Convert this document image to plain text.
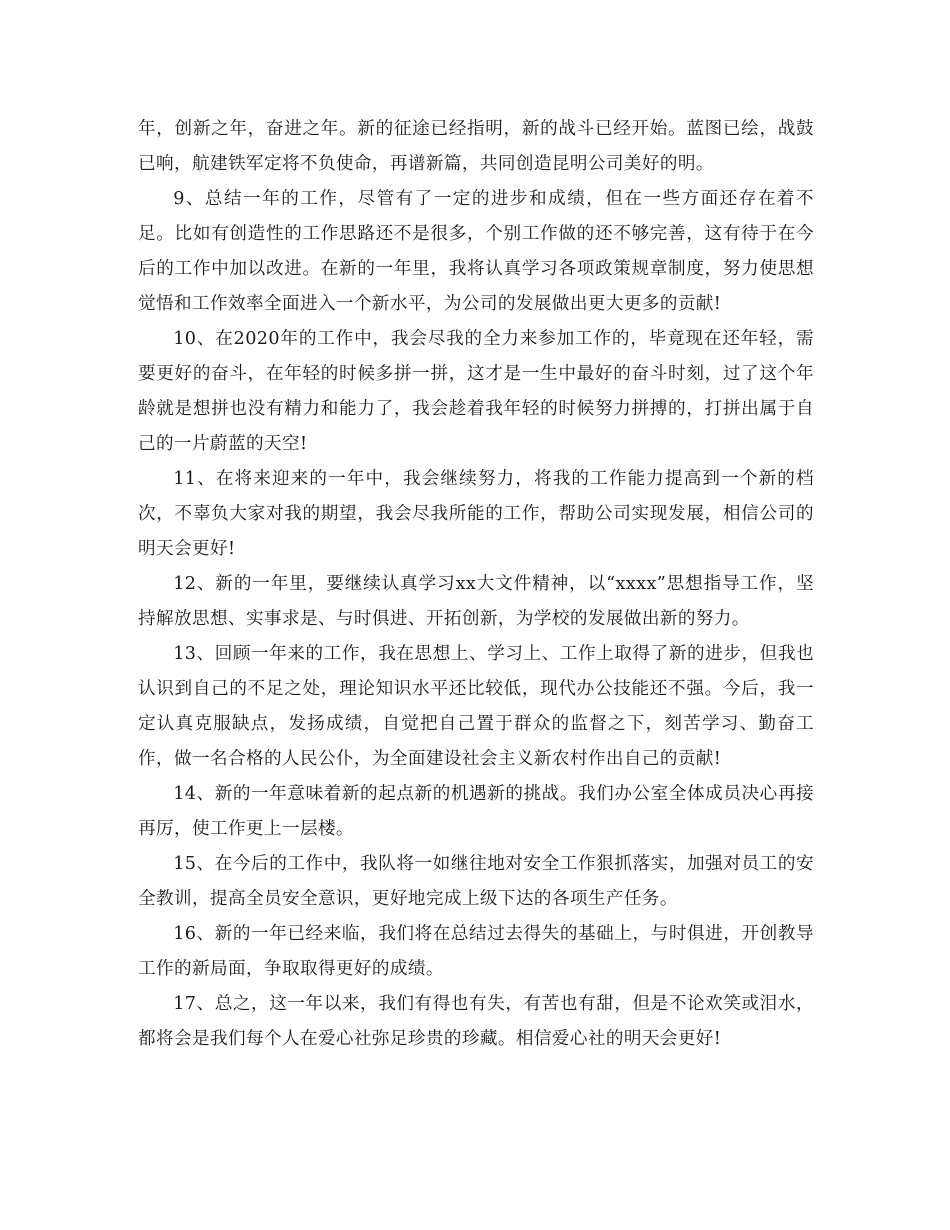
年，创新之年，奋进之年。新的征途已经指明，新的战斗已经开始。蓝图已绘，战鼓已响，航建铁军定将不负使命，再谱新篇，共同创造昆明公司美好的明。

9、总结一年的工作，尽管有了一定的进步和成绩，但在一些方面还存在着不足。比如有创造性的工作思路还不是很多，个别工作做的还不够完善，这有待于在今后的工作中加以改进。在新的一年里，我将认真学习各项政策规章制度，努力使思想觉悟和工作效率全面进入一个新水平，为公司的发展做出更大更多的贡献!

10、在2020年的工作中，我会尽我的全力来参加工作的，毕竟现在还年轻，需要更好的奋斗，在年轻的时候多拼一拼，这才是一生中最好的奋斗时刻，过了这个年龄就是想拼也没有精力和能力了，我会趁着我年轻的时候努力拼搏的，打拼出属于自己的一片蔚蓝的天空!

11、在将来迎来的一年中，我会继续努力，将我的工作能力提高到一个新的档次，不辜负大家对我的期望，我会尽我所能的工作，帮助公司实现发展，相信公司的明天会更好!

12、新的一年里，要继续认真学习xx大文件精神，以“xxxx”思想指导工作，坚持解放思想、实事求是、与时俱进、开拓创新，为学校的发展做出新的努力。

13、回顾一年来的工作，我在思想上、学习上、工作上取得了新的进步，但我也认识到自己的不足之处，理论知识水平还比较低，现代办公技能还不强。今后，我一定认真克服缺点，发扬成绩，自觉把自己置于群众的监督之下，刻苦学习、勤奋工作，做一名合格的人民公仆，为全面建设社会主义新农村作出自己的贡献!

14、新的一年意味着新的起点新的机遇新的挑战。我们办公室全体成员决心再接再厉，使工作更上一层楼。

15、在今后的工作中，我队将一如继往地对安全工作狠抓落实，加强对员工的安全教训，提高全员安全意识，更好地完成上级下达的各项生产任务。

16、新的一年已经来临，我们将在总结过去得失的基础上，与时俱进，开创教导工作的新局面，争取取得更好的成绩。

17、总之，这一年以来，我们有得也有失，有苦也有甜，但是不论欢笑或泪水，都将会是我们每个人在爱心社弥足珍贵的珍藏。相信爱心社的明天会更好!
